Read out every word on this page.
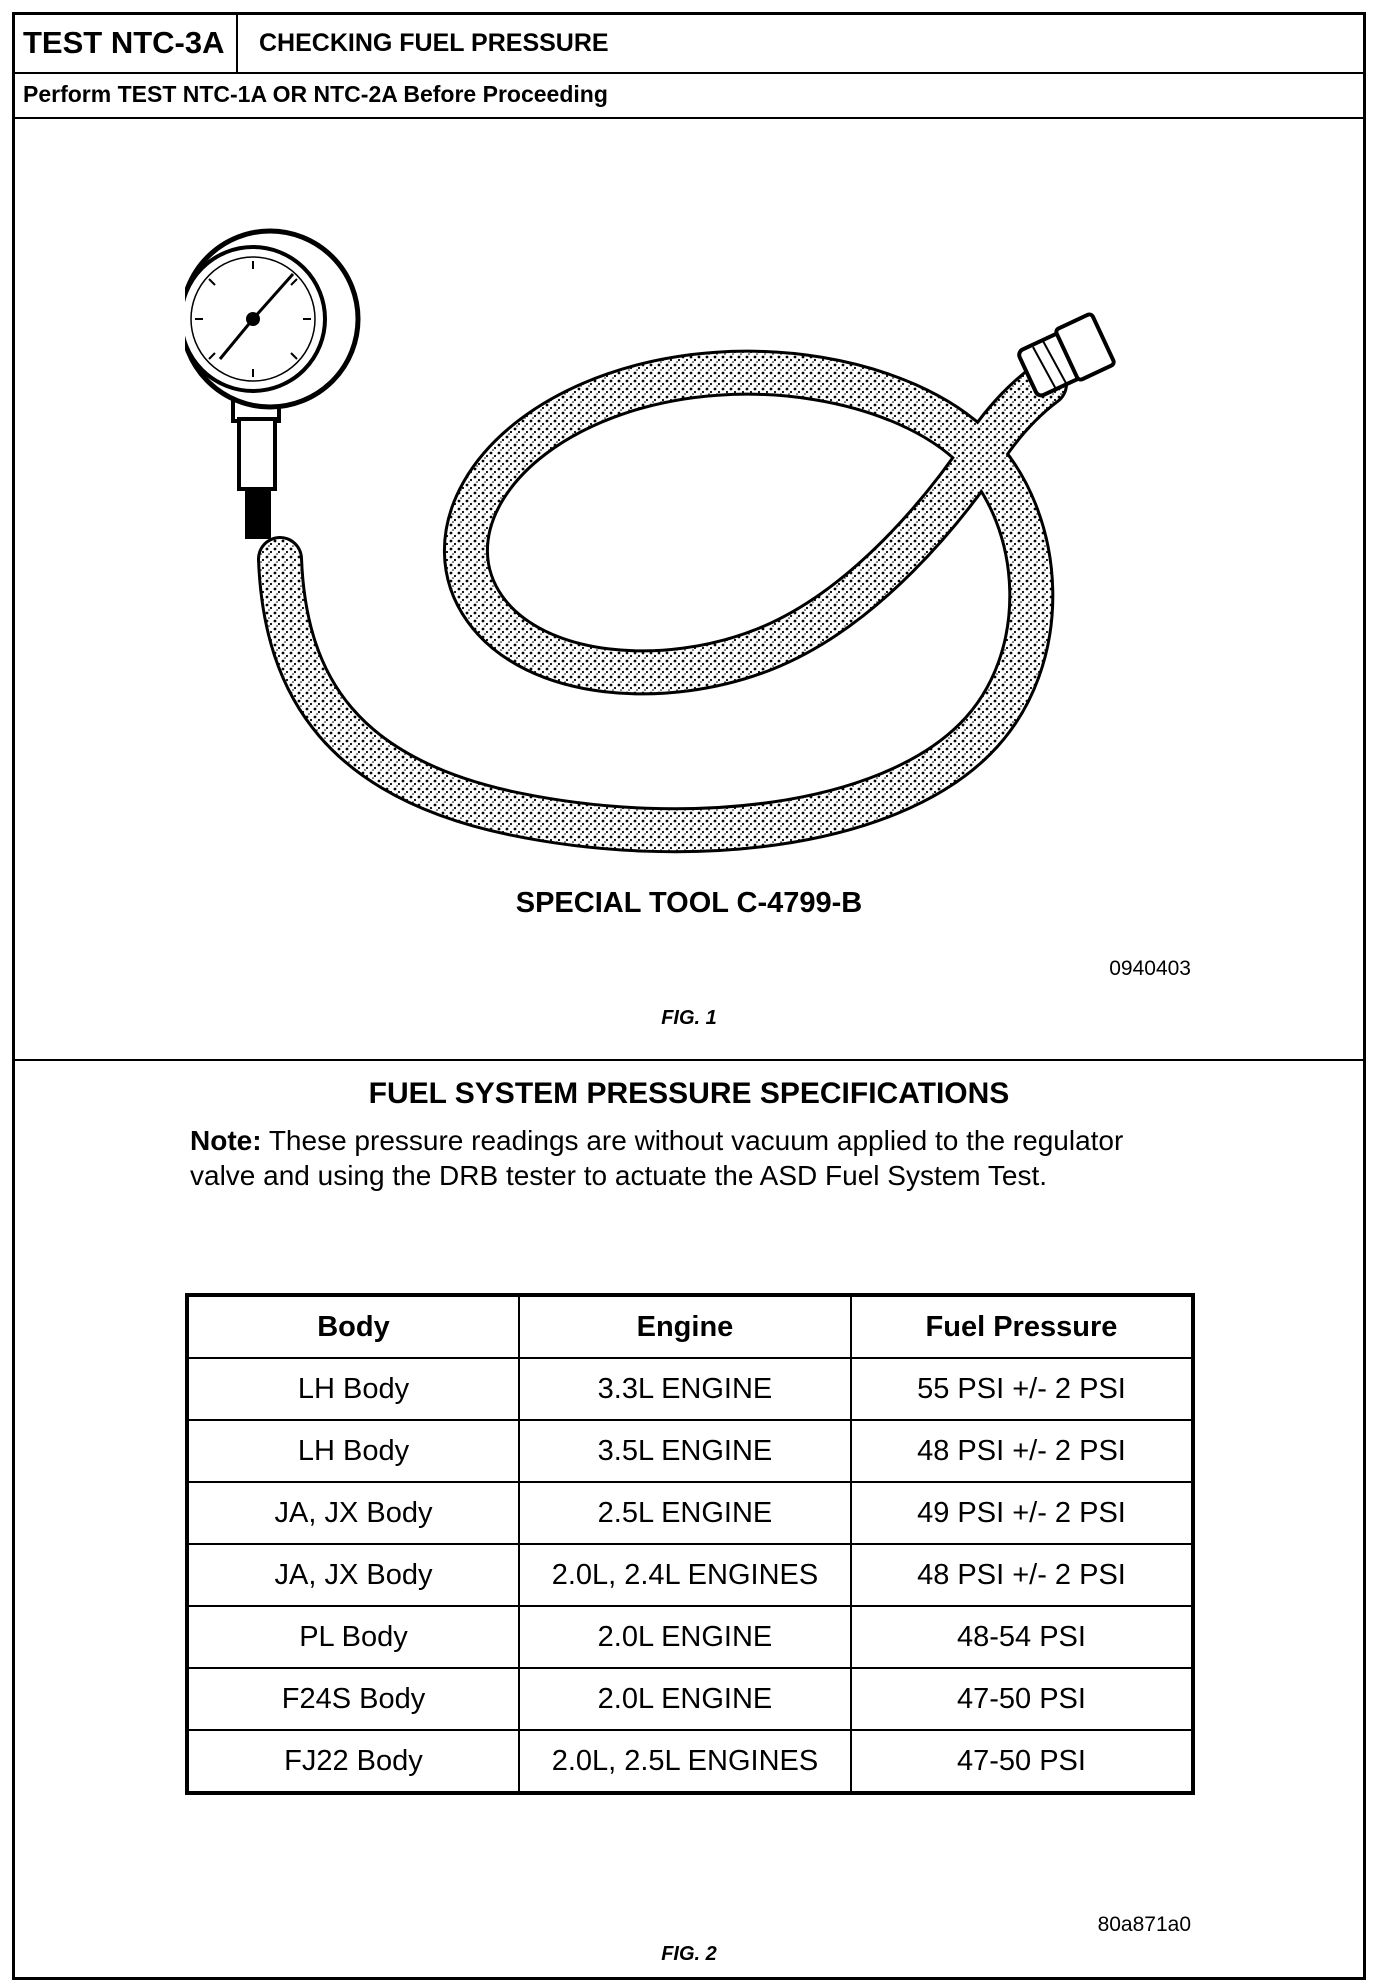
TEST NTC-3A	CHECKING FUEL PRESSURE
Perform TEST NTC-1A OR NTC-2A Before Proceeding
SPECIAL TOOL C-4799-B
0940403
FIG. 1
FUEL SYSTEM PRESSURE SPECIFICATIONS
Note: These pressure readings are without vacuum applied to the regulator valve and using the DRB tester to actuate the ASD Fuel System Test.
Body	Engine	Fuel Pressure
LH Body	3.3L ENGINE	55 PSI +/- 2 PSI
LH Body	3.5L ENGINE	48 PSI +/- 2 PSI
JA, JX Body	2.5L ENGINE	49 PSI +/- 2 PSI
JA, JX Body	2.0L, 2.4L ENGINES	48 PSI +/- 2 PSI
PL Body	2.0L ENGINE	48-54 PSI
F24S Body	2.0L ENGINE	47-50 PSI
FJ22 Body	2.0L, 2.5L ENGINES	47-50 PSI
80a871a0
FIG. 2
